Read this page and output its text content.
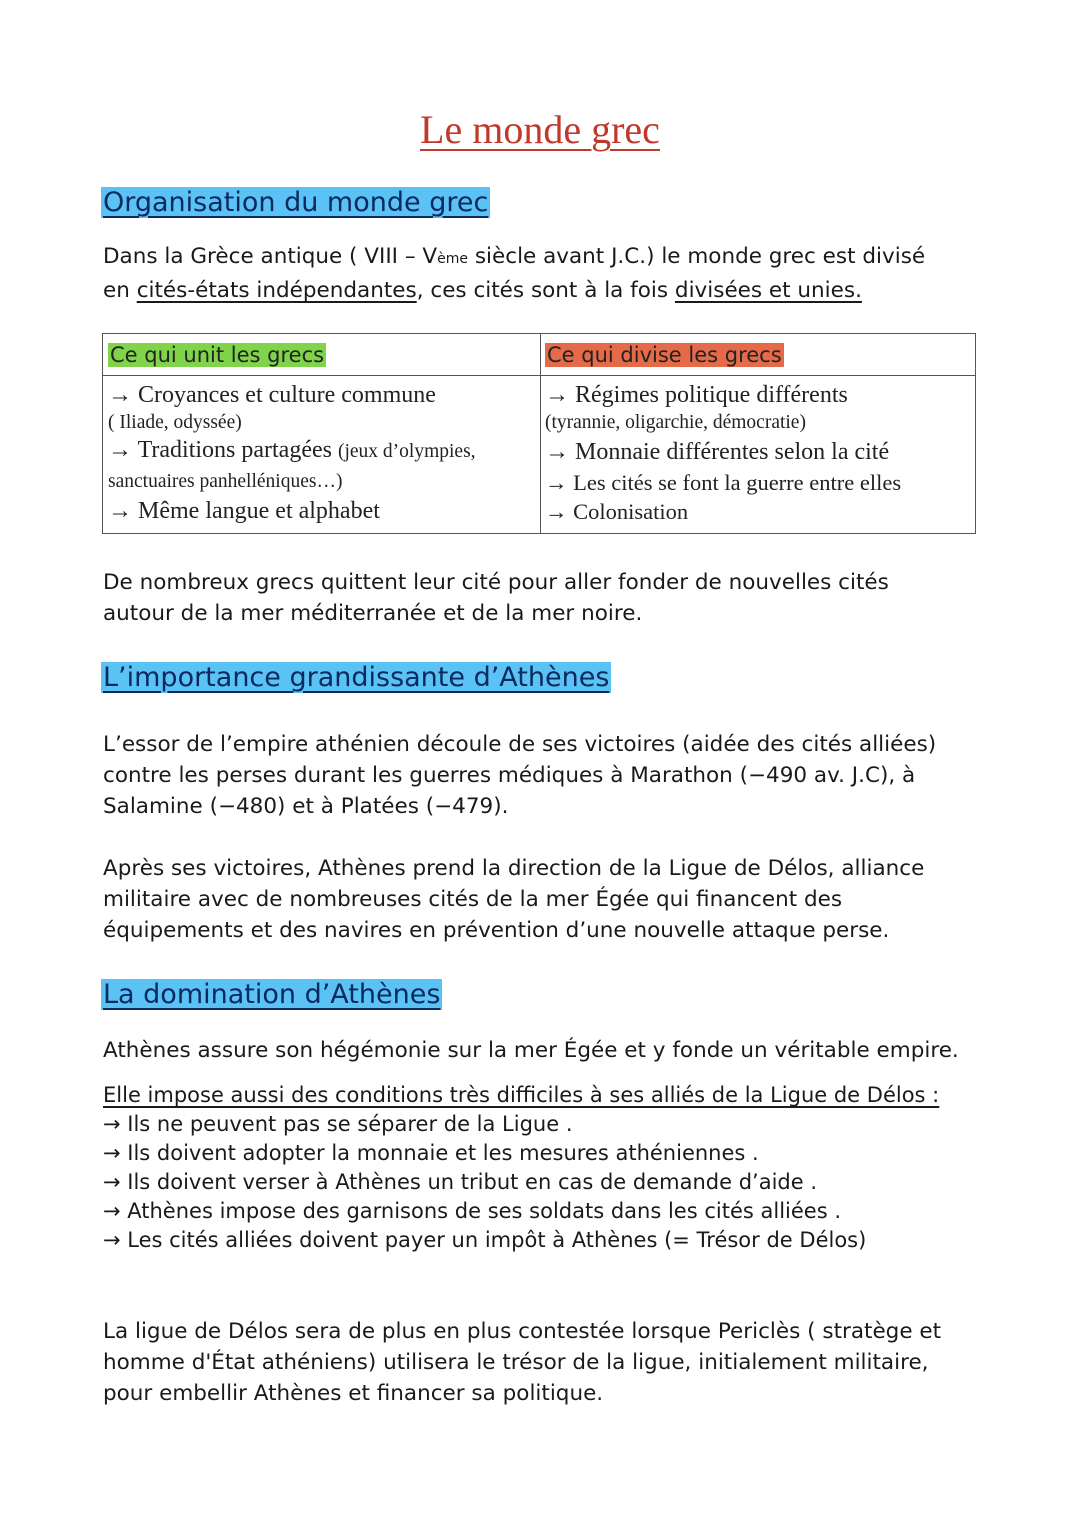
Le monde grec
Organisation du monde grec
Dans la Grèce antique ( VIII – Vème siècle avant J.C.) le monde grec est divisé
en cités-états indépendantes, ces cités sont à la fois divisées et unies.
Ce qui unit les grecs	Ce qui divise les grecs
→ Croyances et culture commune
( Iliade, odyssée)
→ Traditions partagées (jeux d’olympies,
sanctuaires panhelléniques…)
→ Même langue et alphabet
→ Régimes politique différents
(tyrannie, oligarchie, démocratie)
→ Monnaie différentes selon la cité
→ Les cités se font la guerre entre elles
→ Colonisation
De nombreux grecs quittent leur cité pour aller fonder de nouvelles cités
autour de la mer méditerranée et de la mer noire.
L’importance grandissante d’Athènes
L’essor de l’empire athénien découle de ses victoires (aidée des cités alliées)
contre les perses durant les guerres médiques à Marathon (−490 av. J.C), à
Salamine (−480) et à Platées (−479).
Après ses victoires, Athènes prend la direction de la Ligue de Délos, alliance
militaire avec de nombreuses cités de la mer Égée qui financent des
équipements et des navires en prévention d’une nouvelle attaque perse.
La domination d’Athènes
Athènes assure son hégémonie sur la mer Égée et y fonde un véritable empire.
Elle impose aussi des conditions très difficiles à ses alliés de la Ligue de Délos :
→ Ils ne peuvent pas se séparer de la Ligue .
→ Ils doivent adopter la monnaie et les mesures athéniennes .
→ Ils doivent verser à Athènes un tribut en cas de demande d’aide .
→ Athènes impose des garnisons de ses soldats dans les cités alliées .
→ Les cités alliées doivent payer un impôt à Athènes (= Trésor de Délos)
La ligue de Délos sera de plus en plus contestée lorsque Periclès ( stratège et
homme d'État athéniens) utilisera le trésor de la ligue, initialement militaire,
pour embellir Athènes et financer sa politique.
